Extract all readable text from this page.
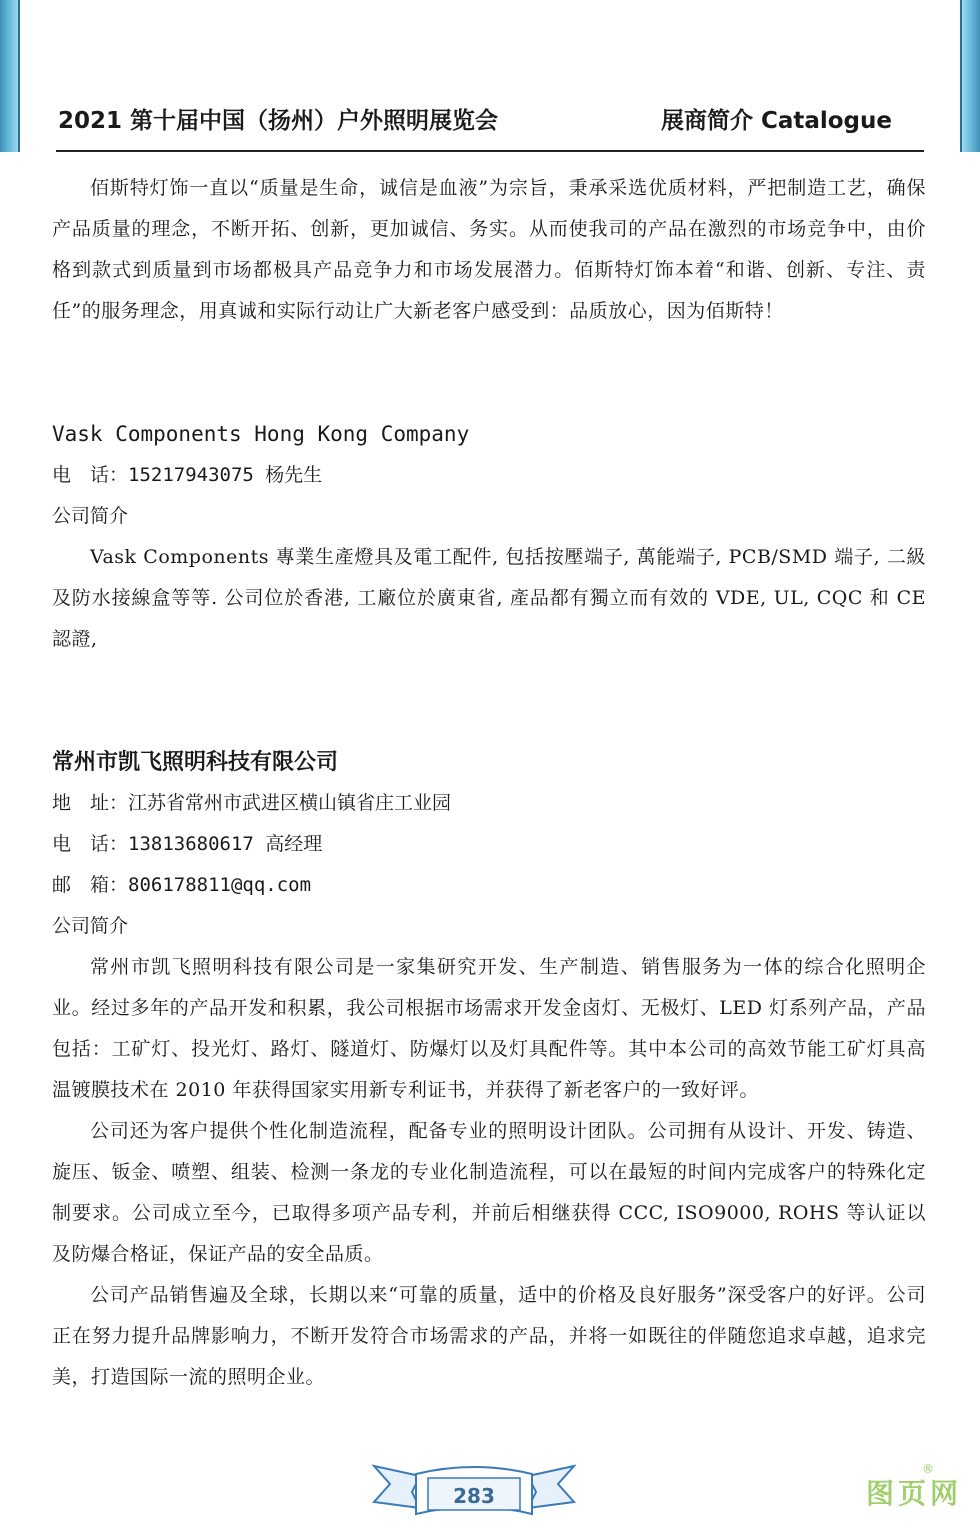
2021 第十届中国（扬州）户外照明展览会	展商简介 Catalogue

佰斯特灯饰一直以“质量是生命，诚信是血液”为宗旨，秉承采选优质材料，严把制造工艺，确保产品质量的理念，不断开拓、创新，更加诚信、务实。从而使我司的产品在激烈的市场竞争中，由价格到款式到质量到市场都极具产品竞争力和市场发展潜力。佰斯特灯饰本着“和谐、创新、专注、责任”的服务理念，用真诚和实际行动让广大新老客户感受到：品质放心，因为佰斯特！

Vask Components Hong Kong Company

电　话：15217943075 杨先生

公司简介

Vask Components 專業生產燈具及電工配件, 包括按壓端子, 萬能端子, PCB/SMD 端子, 二級及防水接線盒等等. 公司位於香港, 工廠位於廣東省, 產品都有獨立而有效的 VDE, UL, CQC 和 CE 認證,

常州市凯飞照明科技有限公司

地　址：江苏省常州市武进区横山镇省庄工业园

电　话：13813680617 高经理

邮　箱：806178811@qq.com

公司简介

常州市凯飞照明科技有限公司是一家集研究开发、生产制造、销售服务为一体的综合化照明企业。经过多年的产品开发和积累，我公司根据市场需求开发金卤灯、无极灯、LED 灯系列产品，产品包括：工矿灯、投光灯、路灯、隧道灯、防爆灯以及灯具配件等。其中本公司的高效节能工矿灯具高温镀膜技术在 2010 年获得国家实用新专利证书，并获得了新老客户的一致好评。

公司还为客户提供个性化制造流程，配备专业的照明设计团队。公司拥有从设计、开发、铸造、旋压、钣金、喷塑、组装、检测一条龙的专业化制造流程，可以在最短的时间内完成客户的特殊化定制要求。公司成立至今，已取得多项产品专利，并前后相继获得 CCC, ISO9000, ROHS 等认证以及防爆合格证，保证产品的安全品质。

公司产品销售遍及全球，长期以来“可靠的质量，适中的价格及良好服务”深受客户的好评。公司正在努力提升品牌影响力，不断开发符合市场需求的产品，并将一如既往的伴随您追求卓越，追求完美，打造国际一流的照明企业。

283	图页网
®
